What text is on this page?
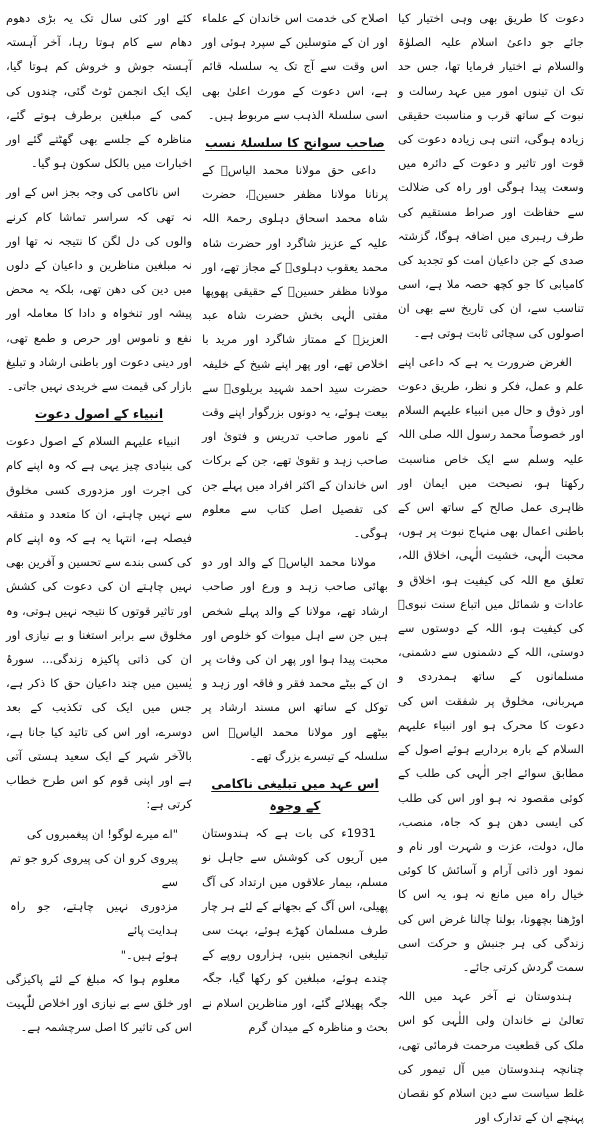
دعوت کا طریق بھی وہی اختیار کیا جائے جو داعیٔ اسلام علیہ الصلوٰۃ والسلام نے اختیار فرمایا تھا، جس حد تک ان تینوں امور میں عہد رسالت و نبوت کے ساتھ قرب و مناسبت حقیقی زیادہ ہوگی، اتنی ہی زیادہ دعوت کی قوت اور تاثیر و دعوت کے دائرہ میں وسعت پیدا ہوگی اور راہ کی ضلالت سے حفاظت اور صراط مستقیم کی طرف رہبری میں اضافہ ہوگا، گزشتہ صدی کے جن داعیان امت کو تجدید کی کامیابی کا جو کچھ حصہ ملا ہے، اسی تناسب سے، ان کی تاریخ سے بھی ان اصولوں کی سچائی ثابت ہوتی ہے۔

الغرض ضرورت یہ ہے کہ داعی اپنے علم و عمل، فکر و نظر، طریق دعوت اور ذوق و حال میں انبیاء علیہم السلام اور خصوصاً محمد رسول اللہ صلی اللہ علیہ وسلم سے ایک خاص مناسبت رکھتا ہو، نصیحت میں ایمان اور ظاہری عمل صالح کے ساتھ اس کے باطنی اعمال بھی منہاج نبوت پر ہوں، محبت الٰہی، خشیت الٰہی، اخلاق اللہ، تعلق مع اللہ کی کیفیت ہو، اخلاق و عادات و شمائل میں اتباع سنت نبویؐ کی کیفیت ہو، اللہ کے دوستوں سے دوستی، اللہ کے دشمنوں سے دشمنی، مسلمانوں کے ساتھ ہمدردی و مہربانی، مخلوق پر شفقت اس کی دعوت کا محرک ہو اور انبیاء علیہم السلام کے بارہ برداریے ہوئے اصول کے مطابق سوائے اجر الٰہی کی طلب کے کوئی مقصود نہ ہو اور اس کی طلب کی ایسی دھن ہو کہ جاہ، منصب، مال، دولت، عزت و شہرت اور نام و نمود اور ذاتی آرام و آسائش کا کوئی خیال راہ میں مانع نہ ہو، یہ اس کا اوڑھنا بچھونا، بولنا چالنا غرض اس کی زندگی کی ہر جنبش و حرکت اسی سمت گردش کرتی جائے۔

ہندوستان نے آخر عہد میں اللہ تعالیٰ نے خاندان ولی اللٰہی کو اس ملک کی قطعیت مرحمت فرمائی تھی، چنانچہ ہندوستان میں آل تیمور کی غلط سیاست سے دین اسلام کو نقصان پہنچے ان کے تدارک اور

اصلاح کی خدمت اس خاندان کے علماء اور ان کے متوسلین کے سپرد ہوئی اور اس وقت سے آج تک یہ سلسلہ قائم ہے، اس دعوت کے مورث اعلیٰ بھی اسی سلسلۃ الذہب سے مربوط ہیں۔

صاحب سوانح کا سلسلۂ نسب

داعی حق مولانا محمد الیاسؒ کے پرنانا مولانا مظفر حسینؒ، حضرت شاہ محمد اسحاق دہلوی رحمۃ اللہ علیہ کے عزیز شاگرد اور حضرت شاہ محمد یعقوب دہلویؒ کے مجاز تھے، اور مولانا مظفر حسینؒ کے حقیقی پھوپھا مفتی الٰہی بخش حضرت شاہ عبد العزیزؒ کے ممتاز شاگرد اور مرید با اخلاص تھے، اور پھر اپنے شیخ کے خلیفہ حضرت سید احمد شہید بریلویؒ سے بیعت ہوئے، یہ دونوں بزرگوار اپنے وقت کے نامور صاحب تدریس و فتویٰ اور صاحب زہد و تقویٰ تھے، جن کے برکات اس خاندان کے اکثر افراد میں پہلے جن کی تفصیل اصل کتاب سے معلوم ہوگی۔

مولانا محمد الیاسؒ کے والد اور دو بھائی صاحب زہد و ورع اور صاحب ارشاد تھے، مولانا کے والد پہلے شخص ہیں جن سے اہل میوات کو خلوص اور محبت پیدا ہوا اور پھر ان کی وفات پر ان کے بیٹے محمد فقر و فاقہ اور زہد و توکل کے ساتھ اس مسند ارشاد پر بیٹھے اور مولانا محمد الیاسؒ اس سلسلہ کے تیسرے بزرگ تھے۔

اس عہد میں تبلیغی ناکامی کے وجوہ

1931ء کی بات ہے کہ ہندوستان میں آریوں کی کوشش سے جاہل نو مسلم، بیمار علاقوں میں ارتداد کی آگ پھیلی، اس آگ کے بجھانے کے لئے ہر چار طرف مسلمان کھڑے ہوئے، بہت سی تبلیغی انجمنیں بنیں، ہزاروں روپے کے چندے ہوئے، مبلغین کو رکھا گیا، جگہ جگہ پھیلائے گئے، اور مناظرین اسلام نے بحث و مناظرہ کے میدان گرم

کئے اور کئی سال تک یہ بڑی دھوم دھام سے کام ہوتا رہا، آخر آہستہ آہستہ جوش و خروش کم ہوتا گیا، ایک ایک انجمن ٹوٹ گئی، چندوں کی کمی کے مبلغین برطرف ہوتے گئے، مناظرہ کے جلسے بھی گھٹتے گئے اور اخبارات میں بالکل سکون ہو گیا۔

اس ناکامی کی وجہ بجز اس کے اور نہ تھی کہ سراسر تماشا کام کرنے والوں کی دل لگن کا نتیجہ نہ تھا اور نہ مبلغین مناظرین و داعیان کے دلوں میں دین کی دھن تھی، بلکہ یہ محض پیشہ اور تنخواہ و دادا کا معاملہ اور نفع و ناموس اور حرص و طمع تھی، اور دینی دعوت اور باطنی ارشاد و تبلیغ بازار کی قیمت سے خریدی نہیں جاتی۔

انبیاء کے اصول دعوت

انبیاء علیہم السلام کے اصول دعوت کی بنیادی چیز یہی ہے کہ وہ اپنے کام کی اجرت اور مزدوری کسی مخلوق سے نہیں چاہتے، ان کا متعدد و متفقہ فیصلہ ہے، انتہا یہ ہے کہ وہ اپنے کام کی کسی بندے سے تحسین و آفرین بھی نہیں چاہتے ان کی دعوت کی کشش اور تاثیر قوتوں کا نتیجہ نہیں ہوتی، وہ مخلوق سے برابر استغنا و بے نیازی اور ان کی ذاتی پاکیزہ زندگی... سورۂ یٰسین میں چند داعیان حق کا ذکر ہے، جس میں ایک کی تکذیب کے بعد دوسرے، اور اس کی تائید کیا جانا ہے، بالآخر شہر کے ایک سعید ہستی آتی ہے اور اپنی قوم کو اس طرح خطاب کرتی ہے:

"اے میرے لوگو! ان پیغمبروں کی

پیروی کرو ان کی پیروی کرو جو تم سے

مزدوری نہیں چاہتے، جو راہ ہدایت پائے

ہوئے ہیں۔"

معلوم ہوا کہ مبلغ کے لئے پاکیزگی اور خلق سے بے نیازی اور اخلاص للّٰہیت اس کی تاثیر کا اصل سرچشمہ ہے۔
